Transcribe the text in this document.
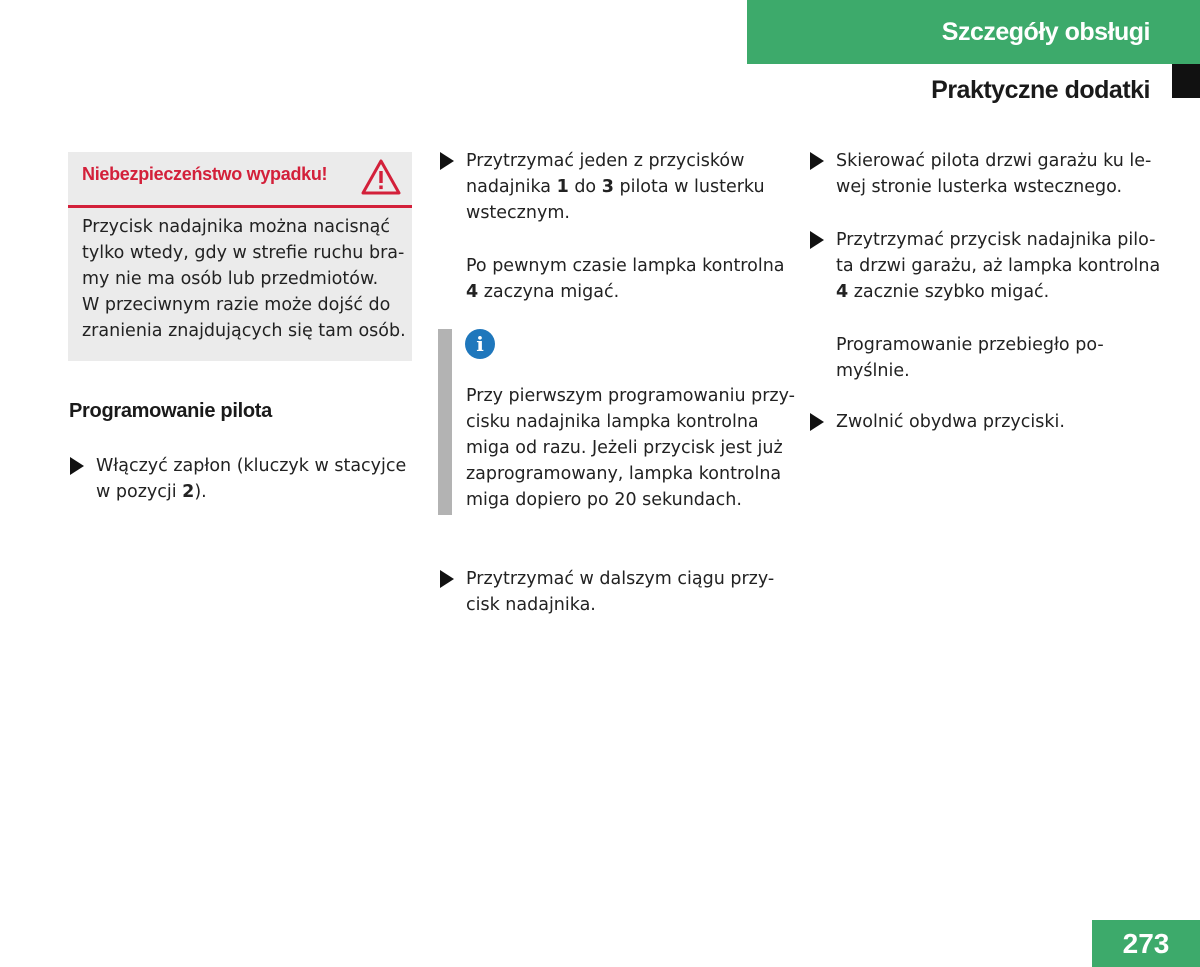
Szczegóły obsługi
Praktyczne dodatki
Niebezpieczeństwo wypadku!
Przycisk nadajnika można nacisnąć
tylko wtedy, gdy w strefie ruchu bra-
my nie ma osób lub przedmiotów.
W przeciwnym razie może dojść do
zranienia znajdujących się tam osób.
Programowanie pilota
Włączyć zapłon (kluczyk w stacyjce
w pozycji 2).
Przytrzymać jeden z przycisków
nadajnika 1 do 3 pilota w lusterku
wstecznym.
Po pewnym czasie lampka kontrolna
4 zaczyna migać.
i
Przy pierwszym programowaniu przy-
cisku nadajnika lampka kontrolna
miga od razu. Jeżeli przycisk jest już
zaprogramowany, lampka kontrolna
miga dopiero po 20 sekundach.
Przytrzymać w dalszym ciągu przy-
cisk nadajnika.
Skierować pilota drzwi garażu ku le-
wej stronie lusterka wstecznego.
Przytrzymać przycisk nadajnika pilo-
ta drzwi garażu, aż lampka kontrolna
4 zacznie szybko migać.
Programowanie przebiegło po-
myślnie.
Zwolnić obydwa przyciski.
273
